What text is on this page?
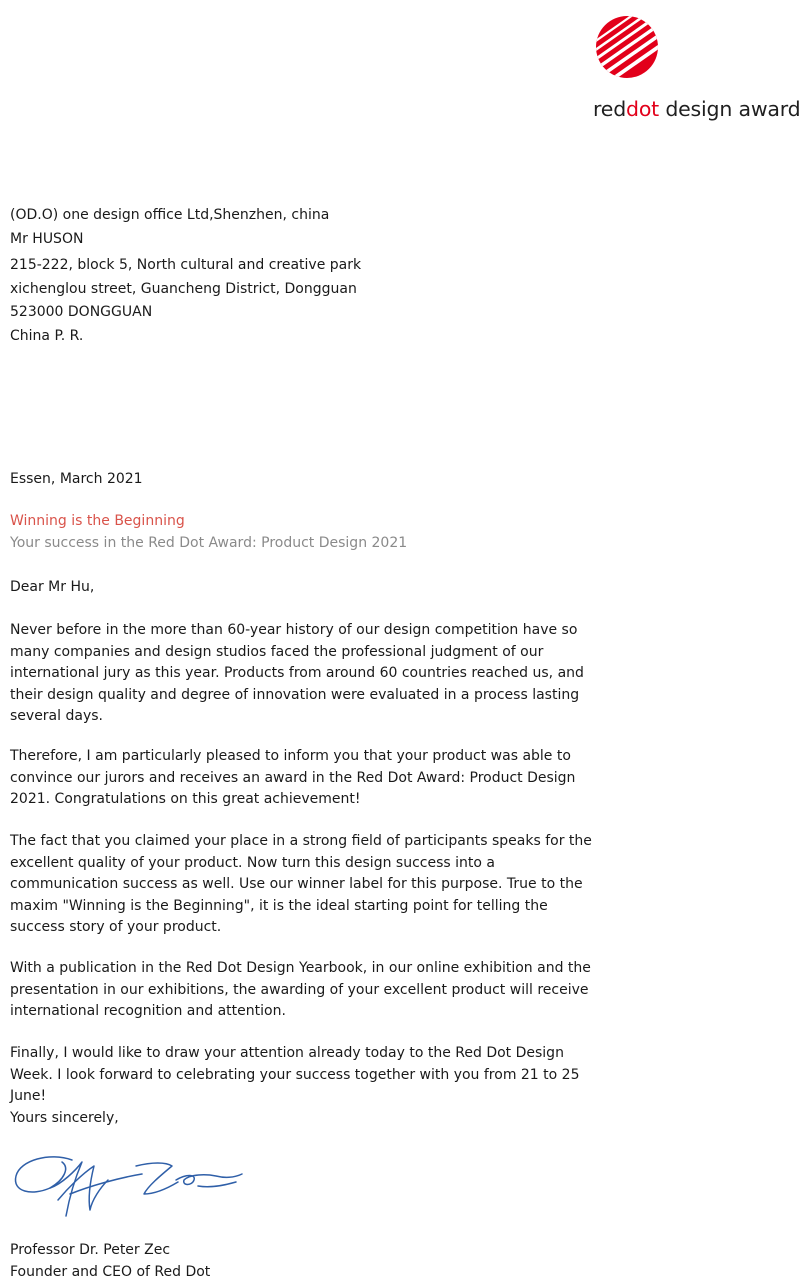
reddot design award

(OD.O) one design office Ltd,Shenzhen, china

Mr HUSON

215-222, block 5, North cultural and creative park

xichenglou street, Guancheng District, Dongguan

523000 DONGGUAN

China P. R.

Essen, March 2021
Winning is the Beginning
Your success in the Red Dot Award: Product Design 2021
Dear Mr Hu,
Never before in the more than 60-year history of our design competition have so many companies and design studios faced the professional judgment of our international jury as this year. Products from around 60 countries reached us, and their design quality and degree of innovation were evaluated in a process lasting several days.
Therefore, I am particularly pleased to inform you that your product was able to convince our jurors and receives an award in the Red Dot Award: Product Design 2021. Congratulations on this great achievement!
The fact that you claimed your place in a strong field of participants speaks for the excellent quality of your product. Now turn this design success into a communication success as well. Use our winner label for this purpose. True to the maxim "Winning is the Beginning", it is the ideal starting point for telling the success story of your product.
With a publication in the Red Dot Design Yearbook, in our online exhibition and the presentation in our exhibitions, the awarding of your excellent product will receive international recognition and attention.
Finally, I would like to draw your attention already today to the Red Dot Design Week. I look forward to celebrating your success together with you from 21 to 25 June!
Yours sincerely,

Professor Dr. Peter Zec

Founder and CEO of Red Dot
